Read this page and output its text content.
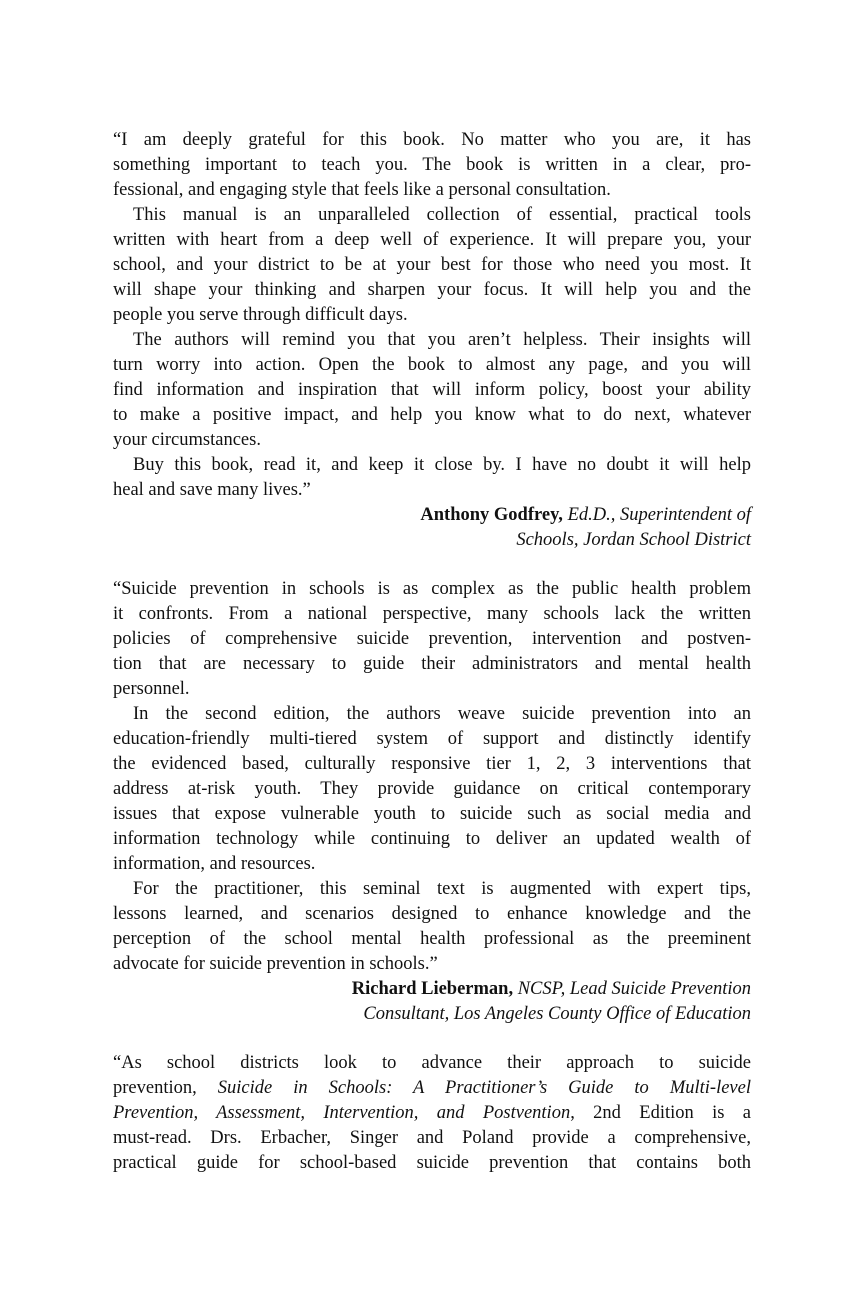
“I am deeply grateful for this book. No matter who you are, it has
something important to teach you. The book is written in a clear, pro-
fessional, and engaging style that feels like a personal consultation.
This manual is an unparalleled collection of essential, practical tools
written with heart from a deep well of experience. It will prepare you, your
school, and your district to be at your best for those who need you most. It
will shape your thinking and sharpen your focus. It will help you and the
people you serve through difficult days.
The authors will remind you that you aren’t helpless. Their insights will
turn worry into action. Open the book to almost any page, and you will
find information and inspiration that will inform policy, boost your ability
to make a positive impact, and help you know what to do next, whatever
your circumstances.
Buy this book, read it, and keep it close by. I have no doubt it will help
heal and save many lives.”
Anthony Godfrey, Ed.D., Superintendent of
Schools, Jordan School District
“Suicide prevention in schools is as complex as the public health problem
it confronts. From a national perspective, many schools lack the written
policies of comprehensive suicide prevention, intervention and postven-
tion that are necessary to guide their administrators and mental health
personnel.
In the second edition, the authors weave suicide prevention into an
education-friendly multi-tiered system of support and distinctly identify
the evidenced based, culturally responsive tier 1, 2, 3 interventions that
address at-risk youth. They provide guidance on critical contemporary
issues that expose vulnerable youth to suicide such as social media and
information technology while continuing to deliver an updated wealth of
information, and resources.
For the practitioner, this seminal text is augmented with expert tips,
lessons learned, and scenarios designed to enhance knowledge and the
perception of the school mental health professional as the preeminent
advocate for suicide prevention in schools.”
Richard Lieberman, NCSP, Lead Suicide Prevention
Consultant, Los Angeles County Office of Education
“As school districts look to advance their approach to suicide
prevention, Suicide in Schools: A Practitioner’s Guide to Multi-level
Prevention, Assessment, Intervention, and Postvention, 2nd Edition is a
must-read. Drs. Erbacher, Singer and Poland provide a comprehensive,
practical guide for school-based suicide prevention that contains both
